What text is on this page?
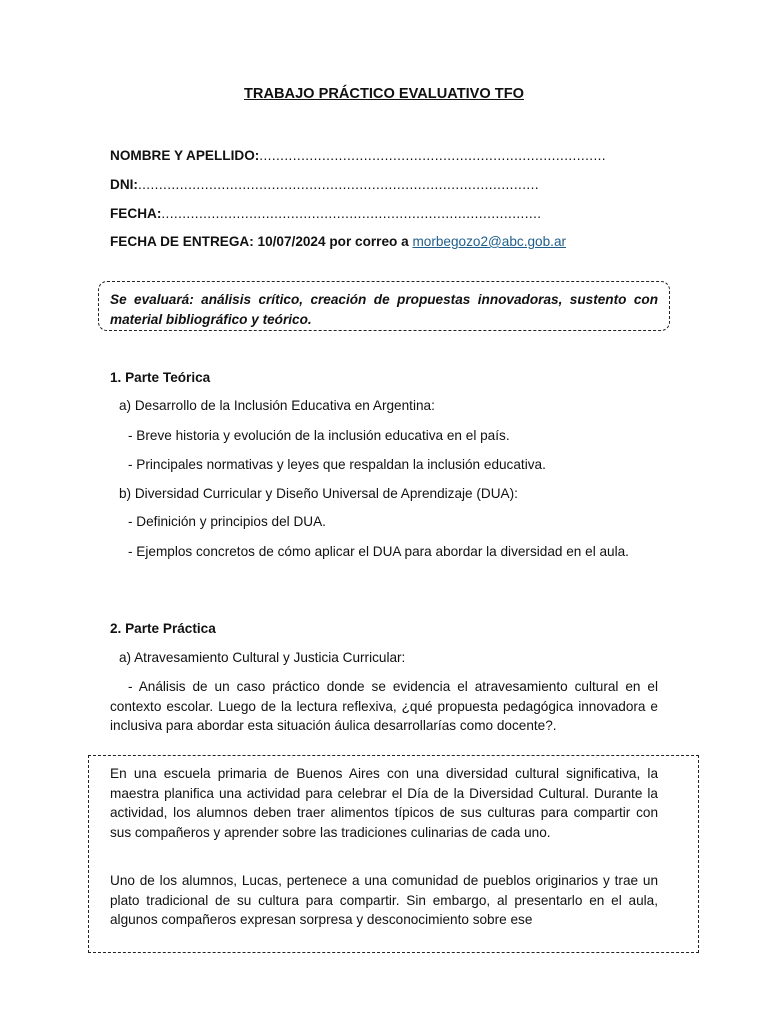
TRABAJO PRÁCTICO EVALUATIVO TFO
NOMBRE Y APELLIDO:...................................................................................
DNI:................................................................................................
FECHA:...........................................................................................
FECHA DE ENTREGA: 10/07/2024 por correo a morbegozo2@abc.gob.ar
Se evaluará: análisis crítico, creación de propuestas innovadoras, sustento con material bibliográfico y teórico.
1. Parte Teórica
a) Desarrollo de la Inclusión Educativa en Argentina:
- Breve historia y evolución de la inclusión educativa en el país.
- Principales normativas y leyes que respaldan la inclusión educativa.
b) Diversidad Curricular y Diseño Universal de Aprendizaje (DUA):
- Definición y principios del DUA.
- Ejemplos concretos de cómo aplicar el DUA para abordar la diversidad en el aula.
2. Parte Práctica
a) Atravesamiento Cultural y Justicia Curricular:
- Análisis de un caso práctico donde se evidencia el atravesamiento cultural en el contexto escolar. Luego de la lectura reflexiva, ¿qué propuesta pedagógica innovadora e inclusiva para abordar esta situación áulica desarrollarías como docente?.
En una escuela primaria de Buenos Aires con una diversidad cultural significativa, la maestra planifica una actividad para celebrar el Día de la Diversidad Cultural. Durante la actividad, los alumnos deben traer alimentos típicos de sus culturas para compartir con sus compañeros y aprender sobre las tradiciones culinarias de cada uno.
Uno de los alumnos, Lucas, pertenece a una comunidad de pueblos originarios y trae un plato tradicional de su cultura para compartir. Sin embargo, al presentarlo en el aula, algunos compañeros expresan sorpresa y desconocimiento sobre ese
